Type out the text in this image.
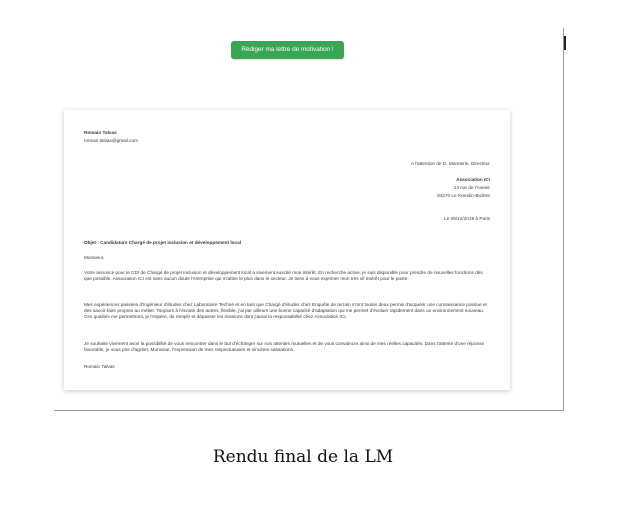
Rédiger ma lettre de motivation !
Romain Talvas
romain.talvas@gmail.com
A l'attention de D. Monnerie, Directeur
Association ICI
13 rue de l'Avenir
94270 Le Kremlin-Bicêtre
Le 06/12/2019 à Paris
Objet : Candidature Chargé de projet inclusion et développement local
Monsieur,
Votre annonce pour le CDI de Chargé de projet inclusion et développement local a vivement suscité mon intérêt. En recherche active, je suis disponible pour prendre de nouvelles fonctions dès que possible. Association ICI est sans aucun doute l'entreprise qui m'attire le plus dans le secteur. Je tiens à vous exprimer mon très vif intérêt pour le poste.
Mes expériences passées d'Ingénieur d'études chez Laboratoire Techné et en tant que Chargé d'études chez Enquête de terrain m'ont toutes deux permis d'acquérir une connaissance pointue et des savoir-faire propres au métier. Toujours à l'écoute des autres, flexible, j'ai par ailleurs une bonne capacité d'adaptation qui me permet d'évoluer rapidement dans un environnement nouveau. Ces qualités me permettront, je l'espère, de remplir et dépasser les missions dont j'aurai la responsabilité chez Association ICI.
Je souhaite vivement avoir la possibilité de vous rencontrer dans le but d'échanger sur nos attentes mutuelles et de vous convaincre ainsi de mes réelles capacités. Dans l'attente d'une réponse favorable, je vous prie d'agréer, Monsieur, l'expression de mes respectueuses et sincères salutations.
Romain Talvas
Rendu final de la LM
